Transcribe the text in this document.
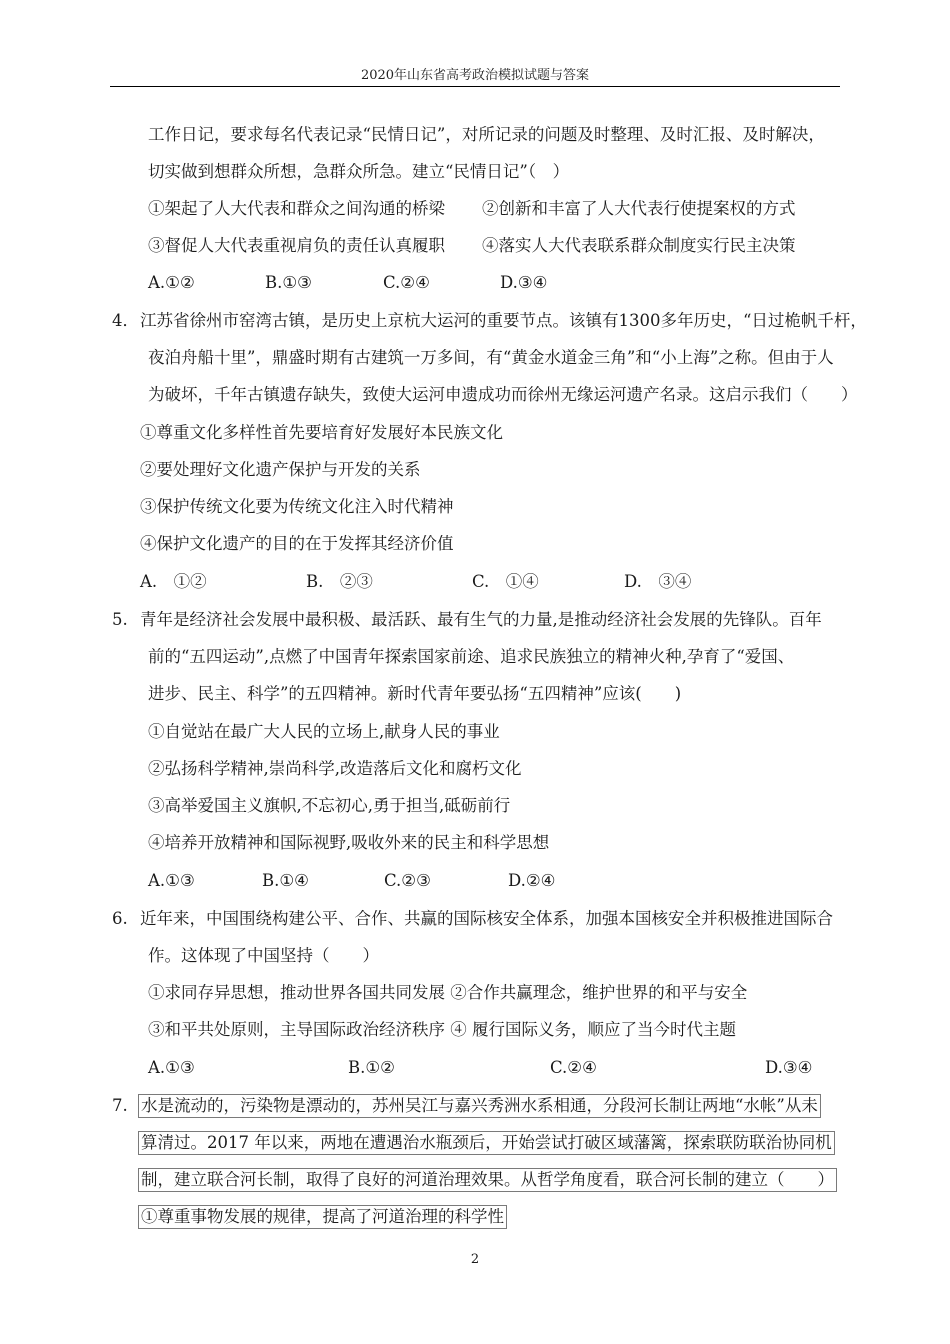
2020年山东省高考政治模拟试题与答案
工作日记，要求每名代表记录“民情日记”，对所记录的问题及时整理、及时汇报、及时解决，
切实做到想群众所想，急群众所急。建立“民情日记”（　）
①架起了人大代表和群众之间沟通的桥梁 ②创新和丰富了人大代表行使提案权的方式
③督促人大代表重视肩负的责任认真履职 ④落实人大代表联系群众制度实行民主决策
A.①②	B.①③	C.②④	D.③④
4． 江苏省徐州市窑湾古镇，是历史上京杭大运河的重要节点。该镇有1300多年历史，“日过桅帆千杆，
夜泊舟船十里”，鼎盛时期有古建筑一万多间，有“黄金水道金三角”和“小上海”之称。但由于人
为破坏，千年古镇遗存缺失，致使大运河申遗成功而徐州无缘运河遗产名录。这启示我们（　　）
①尊重文化多样性首先要培育好发展好本民族文化
②要处理好文化遗产保护与开发的关系
③保护传统文化要为传统文化注入时代精神
④保护文化遗产的目的在于发挥其经济价值
A.　①②	B.　②③	C.　①④	D.　③④
5. 青年是经济社会发展中最积极、最活跃、最有生气的力量,是推动经济社会发展的先锋队。百年
前的“五四运动”,点燃了中国青年探索国家前途、追求民族独立的精神火种,孕育了“爱国、
进步、民主、科学”的五四精神。新时代青年要弘扬“五四精神”应该(　　)
①自觉站在最广大人民的立场上,献身人民的事业
②弘扬科学精神,崇尚科学,改造落后文化和腐朽文化
③高举爱国主义旗帜,不忘初心,勇于担当,砥砺前行
④培养开放精神和国际视野,吸收外来的民主和科学思想
A.①③	B.①④	C.②③	D.②④
6. 近年来，中国围绕构建公平、合作、共赢的国际核安全体系，加强本国核安全并积极推进国际合
作。这体现了中国坚持（　　）
①求同存异思想，推动世界各国共同发展 ②合作共赢理念，维护世界的和平与安全
③和平共处原则，主导国际政治经济秩序 ④ 履行国际义务，顺应了当今时代主题
A.①③	B.①②	C.②④	D.③④
7. 水是流动的，污染物是漂动的，苏州吴江与嘉兴秀洲水系相通，分段河长制让两地“水帐”从未
算清过。2017 年以来，两地在遭遇治水瓶颈后，开始尝试打破区域藩篱，探索联防联治协同机
制，建立联合河长制，取得了良好的河道治理效果。从哲学角度看，联合河长制的建立（　　）
①尊重事物发展的规律，提高了河道治理的科学性
2
